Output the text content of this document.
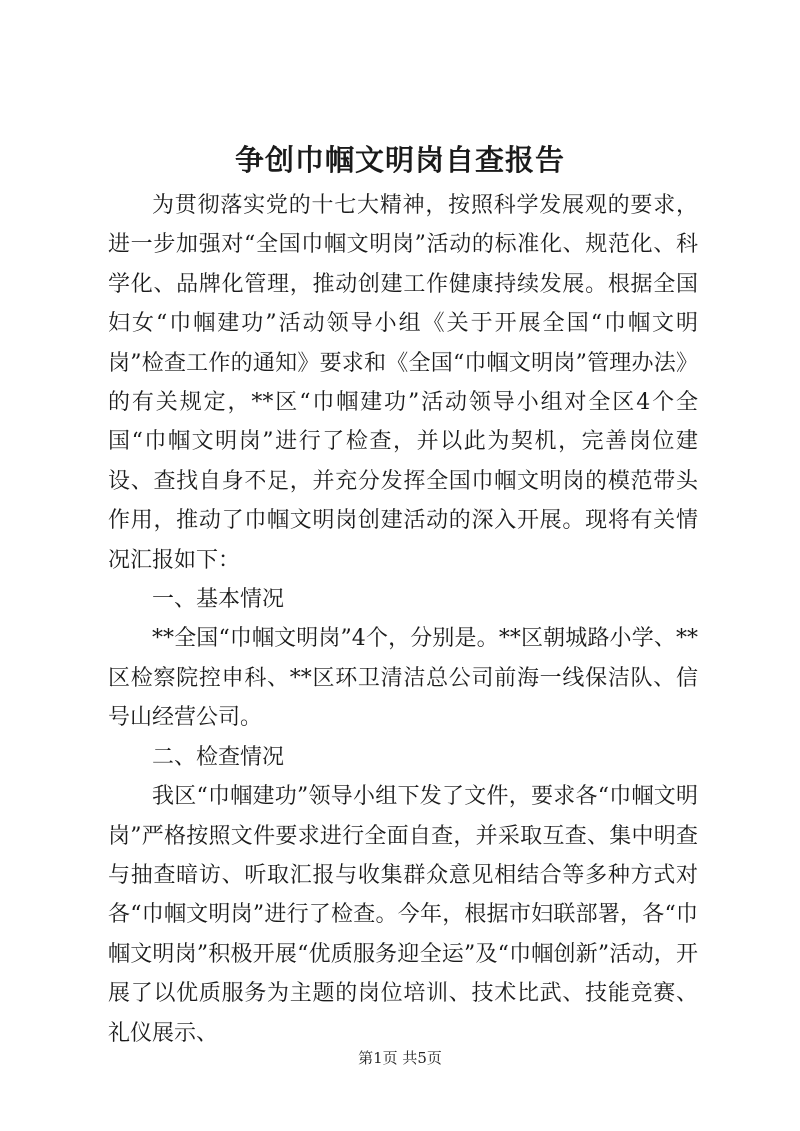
争创巾帼文明岗自查报告

为贯彻落实党的十七大精神，按照科学发展观的要求，进一步加强对“全国巾帼文明岗”活动的标准化、规范化、科学化、品牌化管理，推动创建工作健康持续发展。根据全国妇女“巾帼建功”活动领导小组《关于开展全国“巾帼文明岗”检查工作的通知》要求和《全国“巾帼文明岗”管理办法》的有关规定，**区“巾帼建功”活动领导小组对全区4个全国“巾帼文明岗”进行了检查，并以此为契机，完善岗位建设、查找自身不足，并充分发挥全国巾帼文明岗的模范带头作用，推动了巾帼文明岗创建活动的深入开展。现将有关情况汇报如下：

一、基本情况

**全国“巾帼文明岗”4个，分别是。**区朝城路小学、**区检察院控申科、**区环卫清洁总公司前海一线保洁队、信号山经营公司。

二、检查情况

我区“巾帼建功”领导小组下发了文件，要求各“巾帼文明岗”严格按照文件要求进行全面自查，并采取互查、集中明查与抽查暗访、听取汇报与收集群众意见相结合等多种方式对各“巾帼文明岗”进行了检查。今年，根据市妇联部署，各“巾帼文明岗”积极开展“优质服务迎全运”及“巾帼创新”活动，开展了以优质服务为主题的岗位培训、技术比武、技能竞赛、礼仪展示、

第1页 共5页
